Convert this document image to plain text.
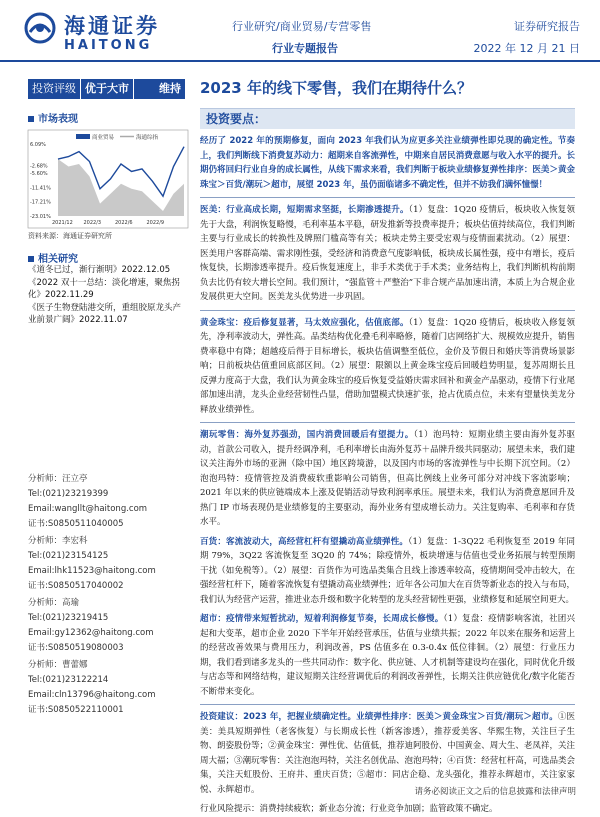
海通证券
HAITONG
行业研究/商业贸易/专营零售
行业专题报告
证券研究报告
2022 年 12 月 21 日
投资评级 优于大市	维持 2023 年的线下零售，我们在期待什么？
市场表现
商业贸易	海通综指
6.09%
-2.68%
-5.60%
-11.41%
-17.21%
-23.01%
2021/12 2022/3	2022/6	2022/9
资料来源：海通证券研究所
相关研究
《道冬已过，渐行渐明》2022.12.05
《2022 双十一总结：淡化增速，聚焦拐化》2022.11.29
《医子生物登陆港交所，重组胶原龙头产业前景广阔》2022.11.07
分析师：汪立亭
Tel:(021)23219399
Email:wangllt@haitong.com
证书:S0850511040005
分析师：李宏科
Tel:(021)23154125
Email:lhk11523@haitong.com
证书:S0850517040002
分析师：高瑜
Tel:(021)23219415
Email:gy12362@haitong.com
证书:S0850519080003
分析师：曹蕾娜
Tel:(021)23122214
Email:cln13796@haitong.com
证书:S0850522110001
投资要点：

经历了 2022 年的预期修复，面向 2023 年我们认为应更多关注业绩弹性即兑现的确定性。节奏上，我们判断线下消费复苏动力：超期来自客流弹性，中期来自居民消费意愿与收入水平的提升。长期仍将回归行业自身的成长属性，从线下需求来看，我们判断于板块业绩修复弹性排序：医美＞黄金珠宝＞百货/潮玩＞超市，展望 2023 年，虽仍面临诸多不确定性，但并不妨我们满怀憧憬！

医美：行业高成长期，短期需求坚挺，长期渗透提升。（1）复盘：1Q20 疫情后，板块收入恢复领先于大盘，利润恢复略慢，毛利率基本平稳，研发推新等投费率提升；板块估值持续高位，我们判断主要与行业成长的转换性及牌照门槛高等有关；板块走势主要受宏观与疫情面素扰动。（2）展望：医美用户客群高端、需求刚性强，受经济和消费意气度影响低，板块成长属性强，疫中有增长，疫后恢复快，长期渗透率提升。疫后恢复速度上，非手术类优于手术类；业务结构上，我们判断机构前期负去比仍有较大增长空间。我们预计，“强监管＋严整治”下非合规产品加速出清，本质上为合规企业发展供更大空间。医美龙头优势进一步巩固。

黄金珠宝：疫后修复显著，马太效应强化，估值底部。（1）复盘：1Q20 疫情后，板块收入修复领先，净利率波动大，弹性高。品类结构优化叠毛利率略修，随着门店网络扩大、规模效应提升，销售费率稳中有降；超越疫后得于目标增长，板块估值调整至低位，金价及节假日和婚庆等消费场景影响；日前板块估值重回底部区间。（2）展望：限额以上黄金珠宝疫后回暖趋势明显，复苏周期长且反弹力度高于大盘，我们认为黄金珠宝的疫后恢复受益婚庆需求回补和黄金产品驱动，疫情下行业尾部加速出清，龙头企业经营韧性凸显，借助加盟模式快速扩张，抢占优质点位，未来有望量快美龙分释放业绩弹性。

潮玩零售：海外复苏强劲，国内消费回暖后有望提力。（1）泡玛特：短期业绩主要由海外复苏驱动，首款公司收入，提升经调净利，毛利率增长由海外复苏＋品牌升级共同驱动；展望未来，我们建议关注海外市场的亚洲（除中国）地区跨境游，以及国内市场的客流弹性与中长期下沉空间。（2）泡泡玛特：疫情管控及消费疲软重影响公司销售，但高比例线上业务可部分对冲线下客流影响；2021 年以来的供应链端成本上涨及促销活动导致利润率承压。展望未来，我们认为消费意愿回升及热门 IP 市场表现仍是业绩修复的主要驱动，海外业务有望成增长动力。关注复购率、毛利率和存货水平。

百货：客流波动大，高经营杠杆有望撬动高业绩弹性。（1）复盘：1-3Q22 毛利恢复至 2019 年同期 79%，3Q22 客流恢复至 3Q20 的 74%；除疫情外，板块增速与估值也受业务拓展与转型预期干扰（如免税等）。（2）展望：百货作为可选品类集合且线上渗透率较高，疫情期间受冲击较大，在强经营杠杆下，随着客流恢复有望撬动高业绩弹性；近年各公司加大在百货等新业态的投入与布局，我们认为经营产运营，推进业态升级和数字化转型的龙头经营韧性更强，业绩修复和延展空间更大。

超市：疫情带来短暂扰动，短着利润修复节奏，长周成长修慢。（1）复盘：疫情影响客流，社团兴起和大变革，超市企业 2020 下半年开始经营承压，估值与业绩共振；2022 年以来在服务和运营上的经营改善效果与费用压力，利润改善，PS 估值多在 0.3-0.4x 低位徘徊。（2）展望：行业压力期，我们看到诸多龙头的一些共同动作：数字化、供应链、人才机制等建设均在强化，同时优化升级与店态等和网络结构，建议短期关注经营调优后的利润改善弹性，长期关注供应链优化/数字化能否不断带来变化。

投资建议：2023 年，把握业绩确定性。业绩弹性排序：医美＞黄金珠宝＞百货/潮玩＞超市。①医美：美具短期弹性（老客恢复）与长期成长性（新客渗透），推荐爱美客、华熙生物，关注巨子生物、朗姿股份等；②黄金珠宝：弹性优、估值低，推荐迪阿股份、中国黄金、周大生、老凤祥，关注周大福；③潮玩零售：关注泡泡玛特，关注名创优品、泡泡玛特；④百货：经营杠杆高，可选品类会集，关注天虹股份、王府井、重庆百货；⑤超市：同店企稳、龙头强化，推荐永辉超市，关注家家悦、永辉超市。

行业风险提示：消费持续疲软；新业态分流；行业竞争加剧；监管政策不确定。

请务必阅读正文之后的信息披露和法律声明
